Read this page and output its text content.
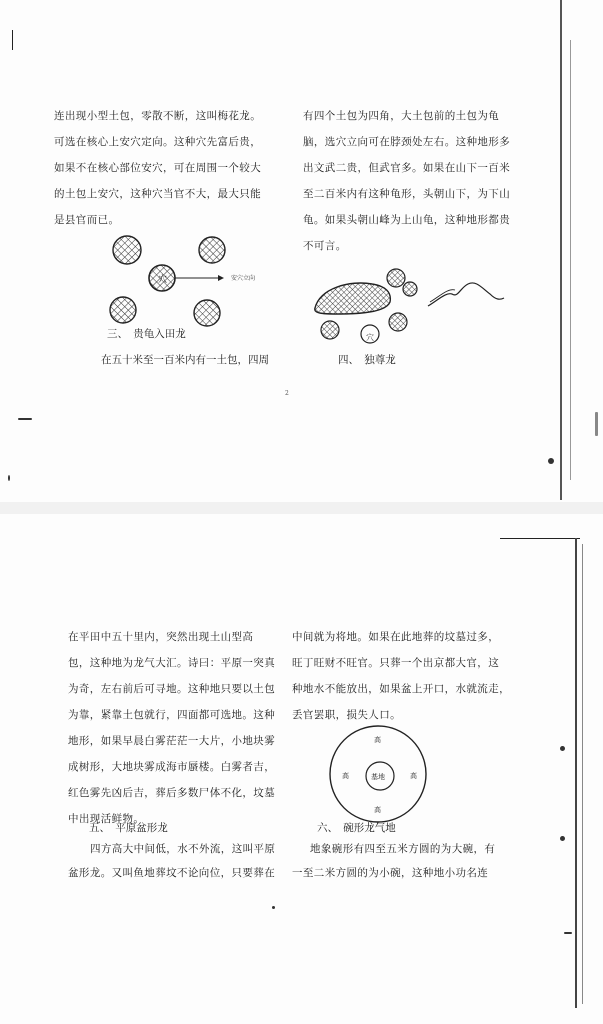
连出现小型土包，零散不断，这叫梅花龙。

可选在核心上安穴定向。这种穴先富后贵，

如果不在核心部位安穴，可在周围一个较大

的土包上安穴，这种穴当官不大，最大只能

是县官而已。

有四个土包为四角，大土包前的土包为龟

脑，选穴立向可在脖颈处左右。这种地形多

出文武二贵，但武官多。如果在山下一百米

至二百米内有这种龟形，头朝山下，为下山

龟。如果头朝山峰为上山龟，这种地形都贵

不可言。

穴	安穴立向
穴
三、　贵龟入田龙
在五十米至一百米内有一土包，四周	四、　独尊龙
2

在平田中五十里内，突然出现土山型高

包，这种地为龙气大汇。诗曰：平原一突真

为奇，左右前后可寻地。这种地只要以土包

为靠，紧靠土包就行，四面都可选地。这种

地形，如果早晨白雾茫茫一大片，小地块雾

成树形，大地块雾成海市蜃楼。白雾者吉，

红色雾先凶后吉，葬后多数尸体不化，坟墓

中出现活鲜物。

五、　平原盆形龙

四方高大中间低，水不外流，这叫平原

盆形龙。又叫鱼地葬坟不论向位，只要葬在

中间就为将地。如果在此地葬的坟墓过多，

旺丁旺财不旺官。只葬一个出京都大官，这

种地水不能放出，如果盆上开口，水就流走，

丢官罢职，损失人口。

高
高	高
高
基地
六、　碗形龙气地

地象碗形有四至五米方圆的为大碗，有

一至二米方圆的为小碗，这种地小功名连
